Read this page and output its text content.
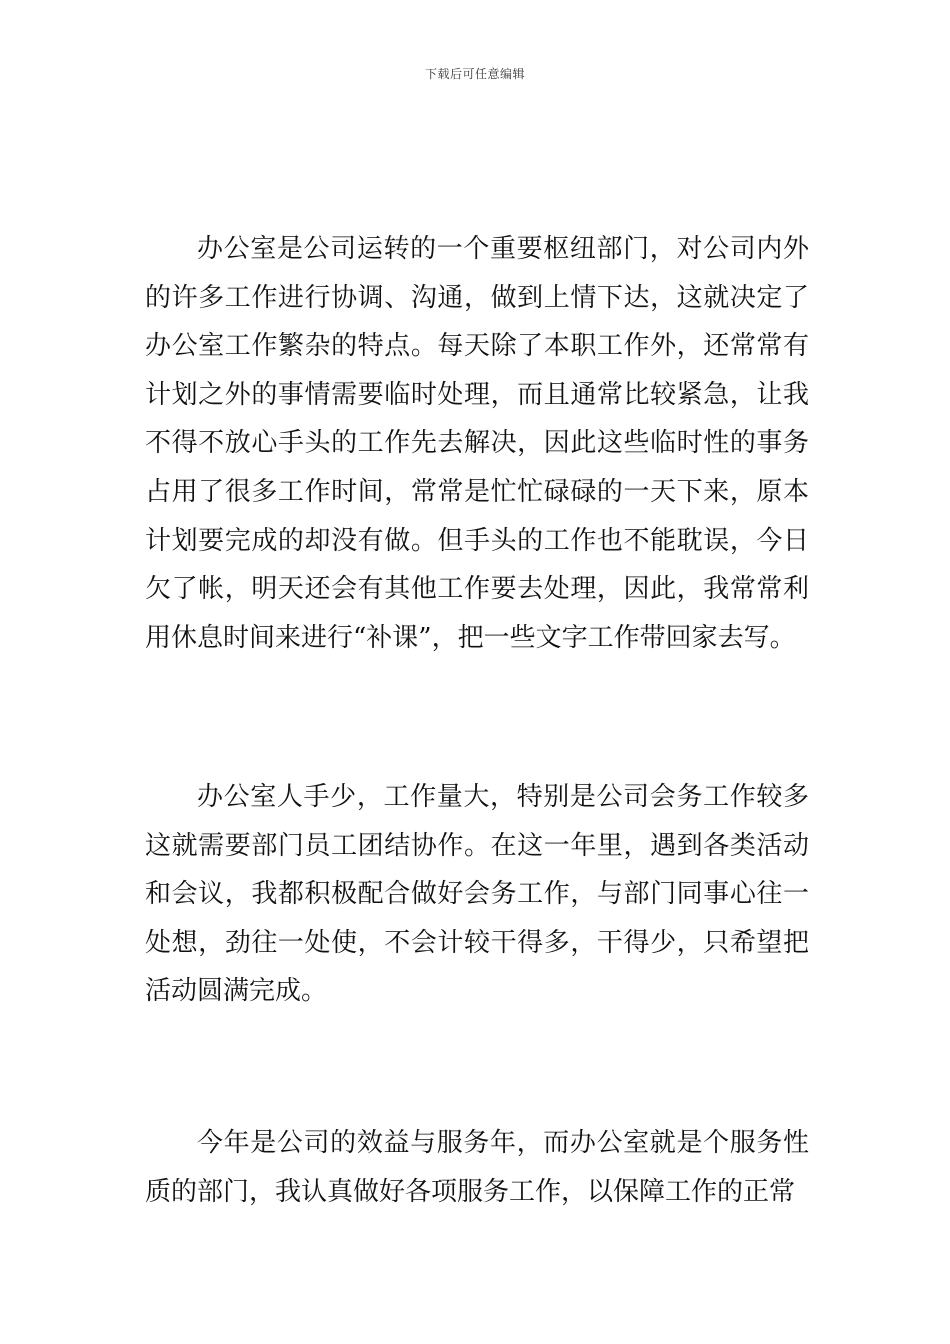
下载后可任意编辑

办公室是公司运转的一个重要枢纽部门，对公司内外的许多工作进行协调、沟通，做到上情下达，这就决定了办公室工作繁杂的特点。每天除了本职工作外，还常常有计划之外的事情需要临时处理，而且通常比较紧急，让我不得不放心手头的工作先去解决，因此这些临时性的事务占用了很多工作时间，常常是忙忙碌碌的一天下来，原本计划要完成的却没有做。但手头的工作也不能耽误，今日欠了帐，明天还会有其他工作要去处理，因此，我常常利用休息时间来进行“补课”，把一些文字工作带回家去写。

办公室人手少，工作量大，特别是公司会务工作较多这就需要部门员工团结协作。在这一年里，遇到各类活动和会议，我都积极配合做好会务工作，与部门同事心往一处想，劲往一处使，不会计较干得多，干得少，只希望把活动圆满完成。

今年是公司的效益与服务年，而办公室就是个服务性质的部门，我认真做好各项服务工作，以保障工作的正常
